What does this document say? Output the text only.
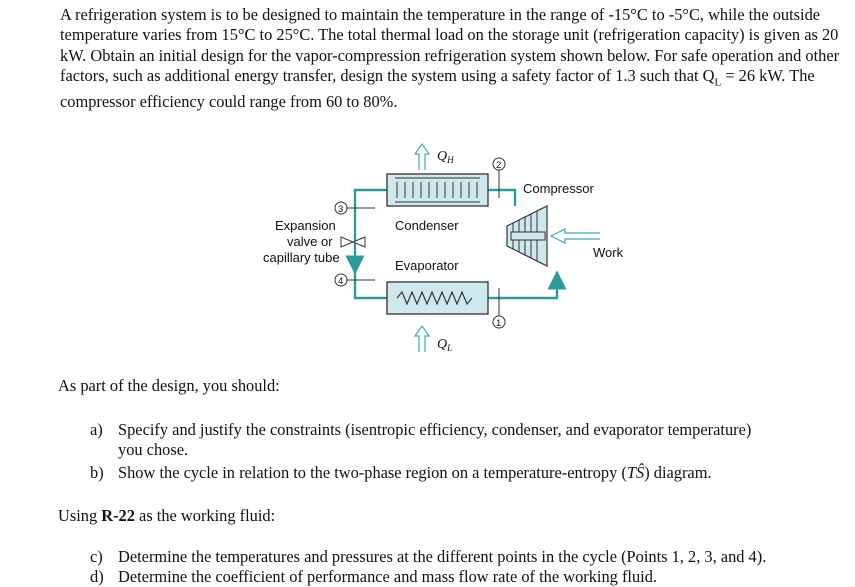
A refrigeration system is to be designed to maintain the temperature in the range of -15°C to -5°C, while the outside temperature varies from 15°C to 25°C. The total thermal load on the storage unit (refrigeration capacity) is given as 20 kW. Obtain an initial design for the vapor-compression refrigeration system shown below. For safe operation and other factors, such as additional energy transfer, design the system using a safety factor of 1.3 such that $Q_L = 26$ kW. The compressor efficiency could range from 60 to 80%.

Condenser
Evaporator
$Q_H$
$Q_L$
Compressor
Work
Expansion
valve or
capillary tube
3
4
2
1

As part of the design, you should:

a) Specify and justify the constraints (isentropic efficiency, condenser, and evaporator temperature)
you chose.
b) Show the cycle in relation to the two-phase region on a temperature-entropy (TŜ) diagram.

Using R-22 as the working fluid:

c) Determine the temperatures and pressures at the different points in the cycle (Points 1, 2, 3, and 4).
d) Determine the coefficient of performance and mass flow rate of the working fluid.
